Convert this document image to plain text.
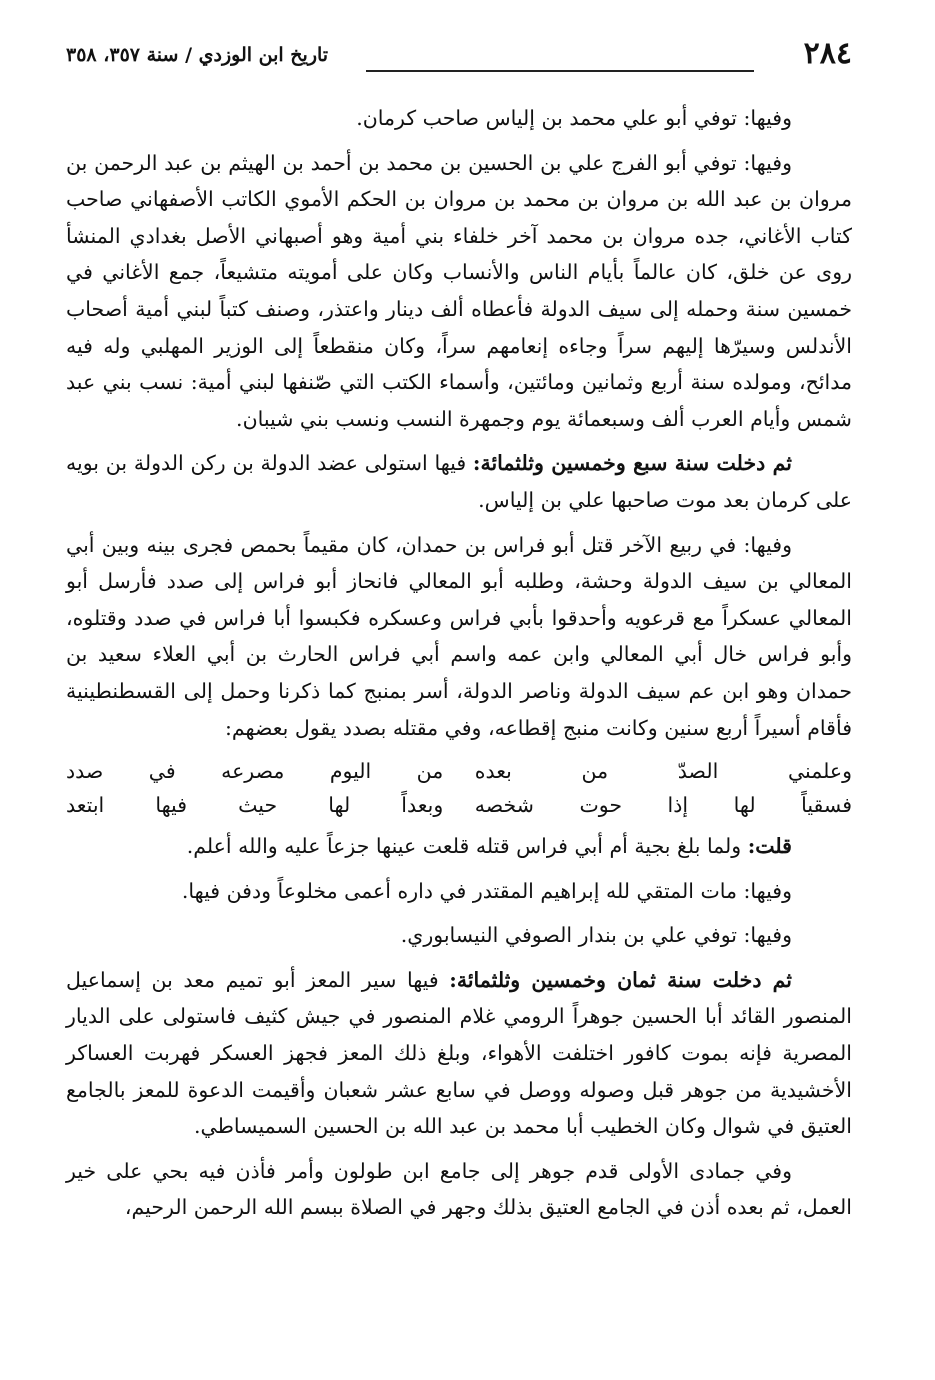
تاريخ ابن الوزدي / سنة ٣٥٧، ٣٥٨	٢٨٤

وفيها: توفي أبو علي محمد بن إلياس صاحب كرمان.

وفيها: توفي أبو الفرج علي بن الحسين بن محمد بن أحمد بن الهيثم بن عبد الرحمن بن مروان بن عبد الله بن مروان بن محمد بن مروان بن الحكم الأموي الكاتب الأصفهاني صاحب كتاب الأغاني، جده مروان بن محمد آخر خلفاء بني أمية وهو أصبهاني الأصل بغدادي المنشأ روى عن خلق، كان عالماً بأيام الناس والأنساب وكان على أمويته متشيعاً، جمع الأغاني في خمسين سنة وحمله إلى سيف الدولة فأعطاه ألف دينار واعتذر، وصنف كتباً لبني أمية أصحاب الأندلس وسيرّها إليهم سراً وجاءه إنعامهم سراً، وكان منقطعاً إلى الوزير المهلبي وله فيه مدائح، ومولده سنة أربع وثمانين ومائتين، وأسماء الكتب التي صّنفها لبني أمية: نسب بني عبد شمس وأيام العرب ألف وسبعمائة يوم وجمهرة النسب ونسب بني شيبان.

ثم دخلت سنة سبع وخمسين وثلثمائة: فيها استولى عضد الدولة بن ركن الدولة بن بويه على كرمان بعد موت صاحبها علي بن إلياس.

وفيها: في ربيع الآخر قتل أبو فراس بن حمدان، كان مقيماً بحمص فجرى بينه وبين أبي المعالي بن سيف الدولة وحشة، وطلبه أبو المعالي فانحاز أبو فراس إلى صدد فأرسل أبو المعالي عسكراً مع قرعويه وأحدقوا بأبي فراس وعسكره فكبسوا أبا فراس في صدد وقتلوه، وأبو فراس خال أبي المعالي وابن عمه واسم أبي فراس الحارث بن أبي العلاء سعيد بن حمدان وهو ابن عم سيف الدولة وناصر الدولة، أسر بمنبج كما ذكرنا وحمل إلى القسطنطينية فأقام أسيراً أربع سنين وكانت منبج إقطاعه، وفي مقتله بصدد يقول بعضهم:

وعلمني الصدّ من بعده
من اليوم مصرعه في صدد
فسقياً لها إذا حوت شخصه
وبعداً لها حيث فيها ابتعد

قلت: ولما بلغ بجية أم أبي فراس قتله قلعت عينها جزعاً عليه والله أعلم.

وفيها: مات المتقي لله إبراهيم المقتدر في داره أعمى مخلوعاً ودفن فيها.

وفيها: توفي علي بن بندار الصوفي النيسابوري.

ثم دخلت سنة ثمان وخمسين وثلثمائة: فيها سير المعز أبو تميم معد بن إسماعيل المنصور القائد أبا الحسين جوهراً الرومي غلام المنصور في جيش كثيف فاستولى على الديار المصرية فإنه بموت كافور اختلفت الأهواء، وبلغ ذلك المعز فجهز العسكر فهربت العساكر الأخشيدية من جوهر قبل وصوله ووصل في سابع عشر شعبان وأقيمت الدعوة للمعز بالجامع العتيق في شوال وكان الخطيب أبا محمد بن عبد الله بن الحسين السميساطي.

وفي جمادى الأولى قدم جوهر إلى جامع ابن طولون وأمر فأذن فيه بحي على خير العمل، ثم بعده أذن في الجامع العتيق بذلك وجهر في الصلاة ببسم الله الرحمن الرحيم،
